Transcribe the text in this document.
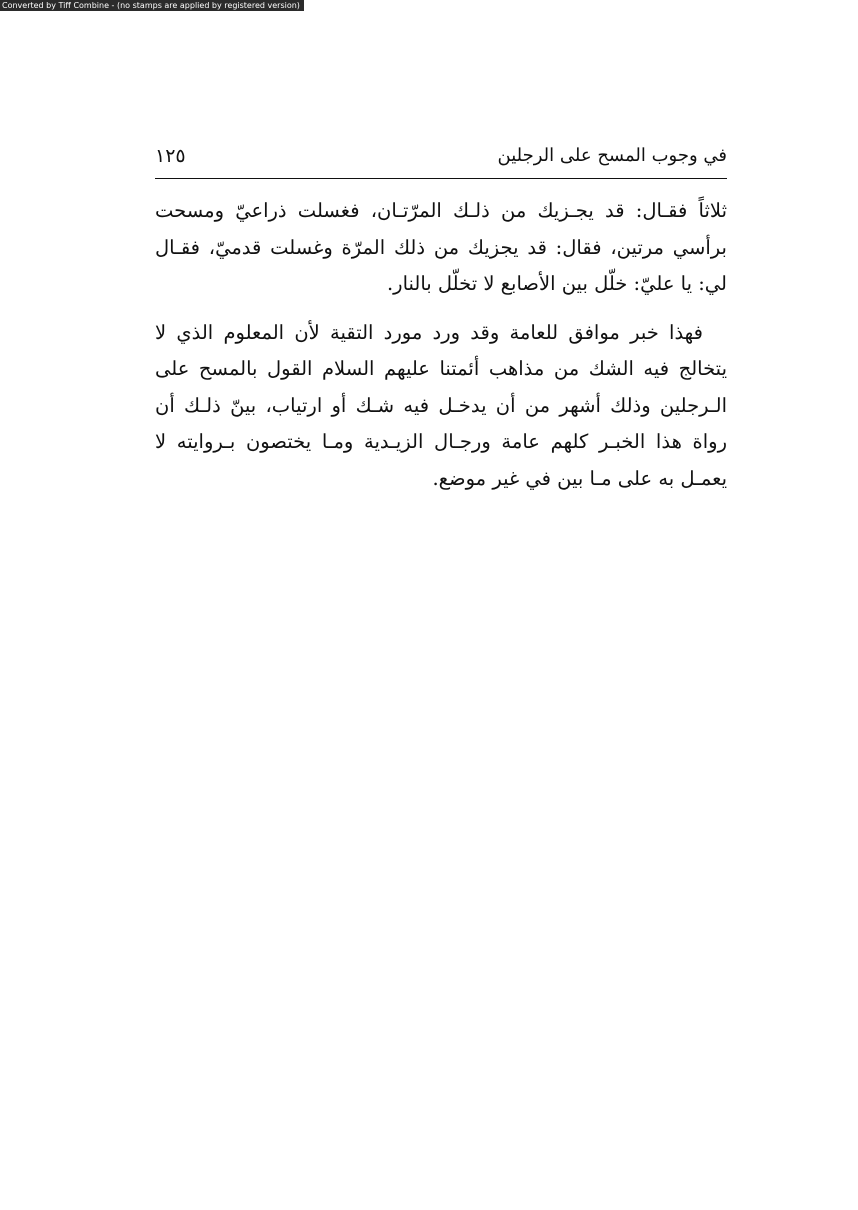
Converted by Tiff Combine - (no stamps are applied by registered version)
في وجوب المسح على الرجلين
١٢٥

ثلاثاً فقـال: قد يجـزيك من ذلـك المرّتـان، فغسلت ذراعيّ ومسحت برأسي مرتين، فقال: قد يجزيك من ذلك المرّة وغسلت قدميّ، فقـال لي: يا عليّ: خلّل بين الأصابع لا تخلّل بالنار.

فهذا خبر موافق للعامة وقد ورد مورد التقية لأن المعلوم الذي لا يتخالج فيه الشك من مذاهب أئمتنا عليهم السلام القول بالمسح على الـرجلين وذلك أشهر من أن يدخـل فيه شـك أو ارتياب، بينّ ذلـك أن رواة هذا الخبـر كلهم عامة ورجـال الزيـدية ومـا يختصون بـروايته لا يعمـل به على مـا بين في غير موضع.
